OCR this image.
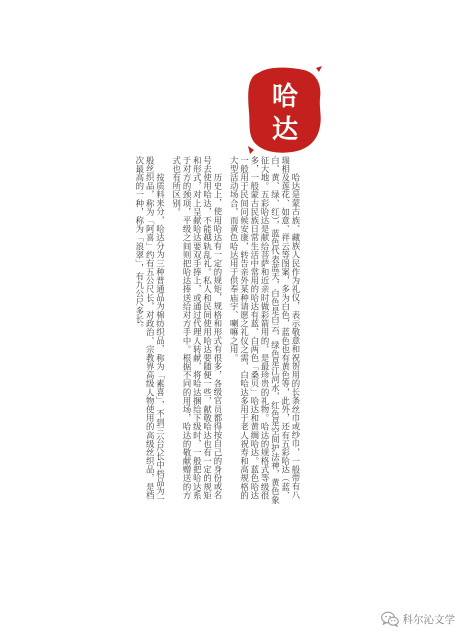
哈
达

哈达是蒙古族、藏族人民作为礼仪，表示敬意和祝贺用的长条丝巾或纱巾，一般带有八瑞相及莲花、如意、祥云等图案，多为白色，蓝色也有黄色等，此外，还有五彩哈达（蓝、白、黄、绿、红），蓝色代表蓝天，白色是白云，绿色是江河水，红色是空间护法神，黄色象征大地。五彩哈达是献给菩萨和近亲时做彩箭用的，是最珍贵的礼物。哈达的规格式等级很多，一般蒙古民族日常生活中常用的哈达有蓝、白两色「桑贝」哈达和黄绸哈达。蓝色哈达一般用于民间问候安康，转告亲外某种请愿之礼仪之需，白哈达多用于老人祝寿和高规格的大型活动场合，而黄色哈达用于供奉庙宇、喇嘛之用。

历史上，使用哈达有一定的规矩，规格和形式有很多，各级官员都得按自己的身份或名号去使用哈达，不能越轨乱礼。私人和民间使用哈达要随便一些，献敬哈达也有一定的规矩和形式，对上呈献哈达要双手捧上，或通过代理人转献，将哈达捆给下级时，一般把哈达系于对方的颈项，平级之间则把哈达捧送给对方手中。根据不同的用场，哈达的敬献赠送的方式也有所区别。

按质料来分，哈达分为三种普通品为棉纺织品，称为「素喜」，不到三公尺长中档品为一般丝织品，称为「阿喜」约有五公尺长，对政治、宗教界高级人物使用的高级丝织品，是档次最高的一种，称为「浪翠」，有九公尺多长。

科尔沁文学
